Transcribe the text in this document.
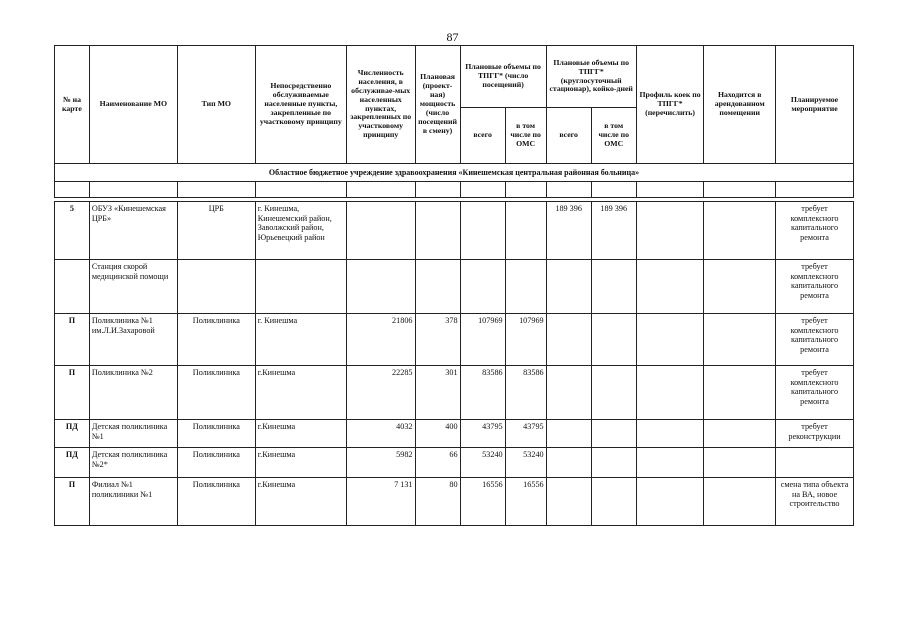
87
№ на карте	Наименование МО	Тип МО	Непосредственно обслуживаемые населенные пункты, закрепленные по участковому принципу	Численность населения, в обслуживае-мых населенных пунктах, закрепленных по участковому принципу	Плановая (проект-ная) мощность (число посещений в смену)	Плановые объемы по ТПГГ* (число посещений)		Плановые объемы по ТПГГ* (круглосуточный стационар), койко-дней		Профиль коек по ТПГГ* (перечислить)	Находится в арендованном помещении	Планируемое мероприятие
						всего	в том числе по ОМС	всего	в том числе по ОМС			
Областное бюджетное учреждение здравоохранения «Кинешемская центральная районная больница»												

5	ОБУЗ «Кинешемская ЦРБ»	ЦРБ	г. Кинешма, Кинешемский район, Заволжский район, Юрьевецкий район					189 396	189 396			требует комплексного капитального ремонта
	Станция скорой медицинской помощи											требует комплексного капитального ремонта
П	Поликлиника №1 им.Л.И.Захаровой	Поликлиника	г. Кинешма	21806	378	107969	107969					требует комплексного капитального ремонта
П	Поликлиника №2	Поликлиника	г.Кинешма	22285	301	83586	83586					требует комплексного капитального ремонта
ПД	Детская поликлиника №1	Поликлиника	г.Кинешма	4032	400	43795	43795					требует реконструкции
ПД	Детская поликлиника №2*	Поликлиника	г.Кинешма	5982	66	53240	53240					
П	Филиал №1 поликлиники №1	Поликлиника	г.Кинешма	7 131	80	16556	16556					смена типа объекта на ВА, новое строительство
